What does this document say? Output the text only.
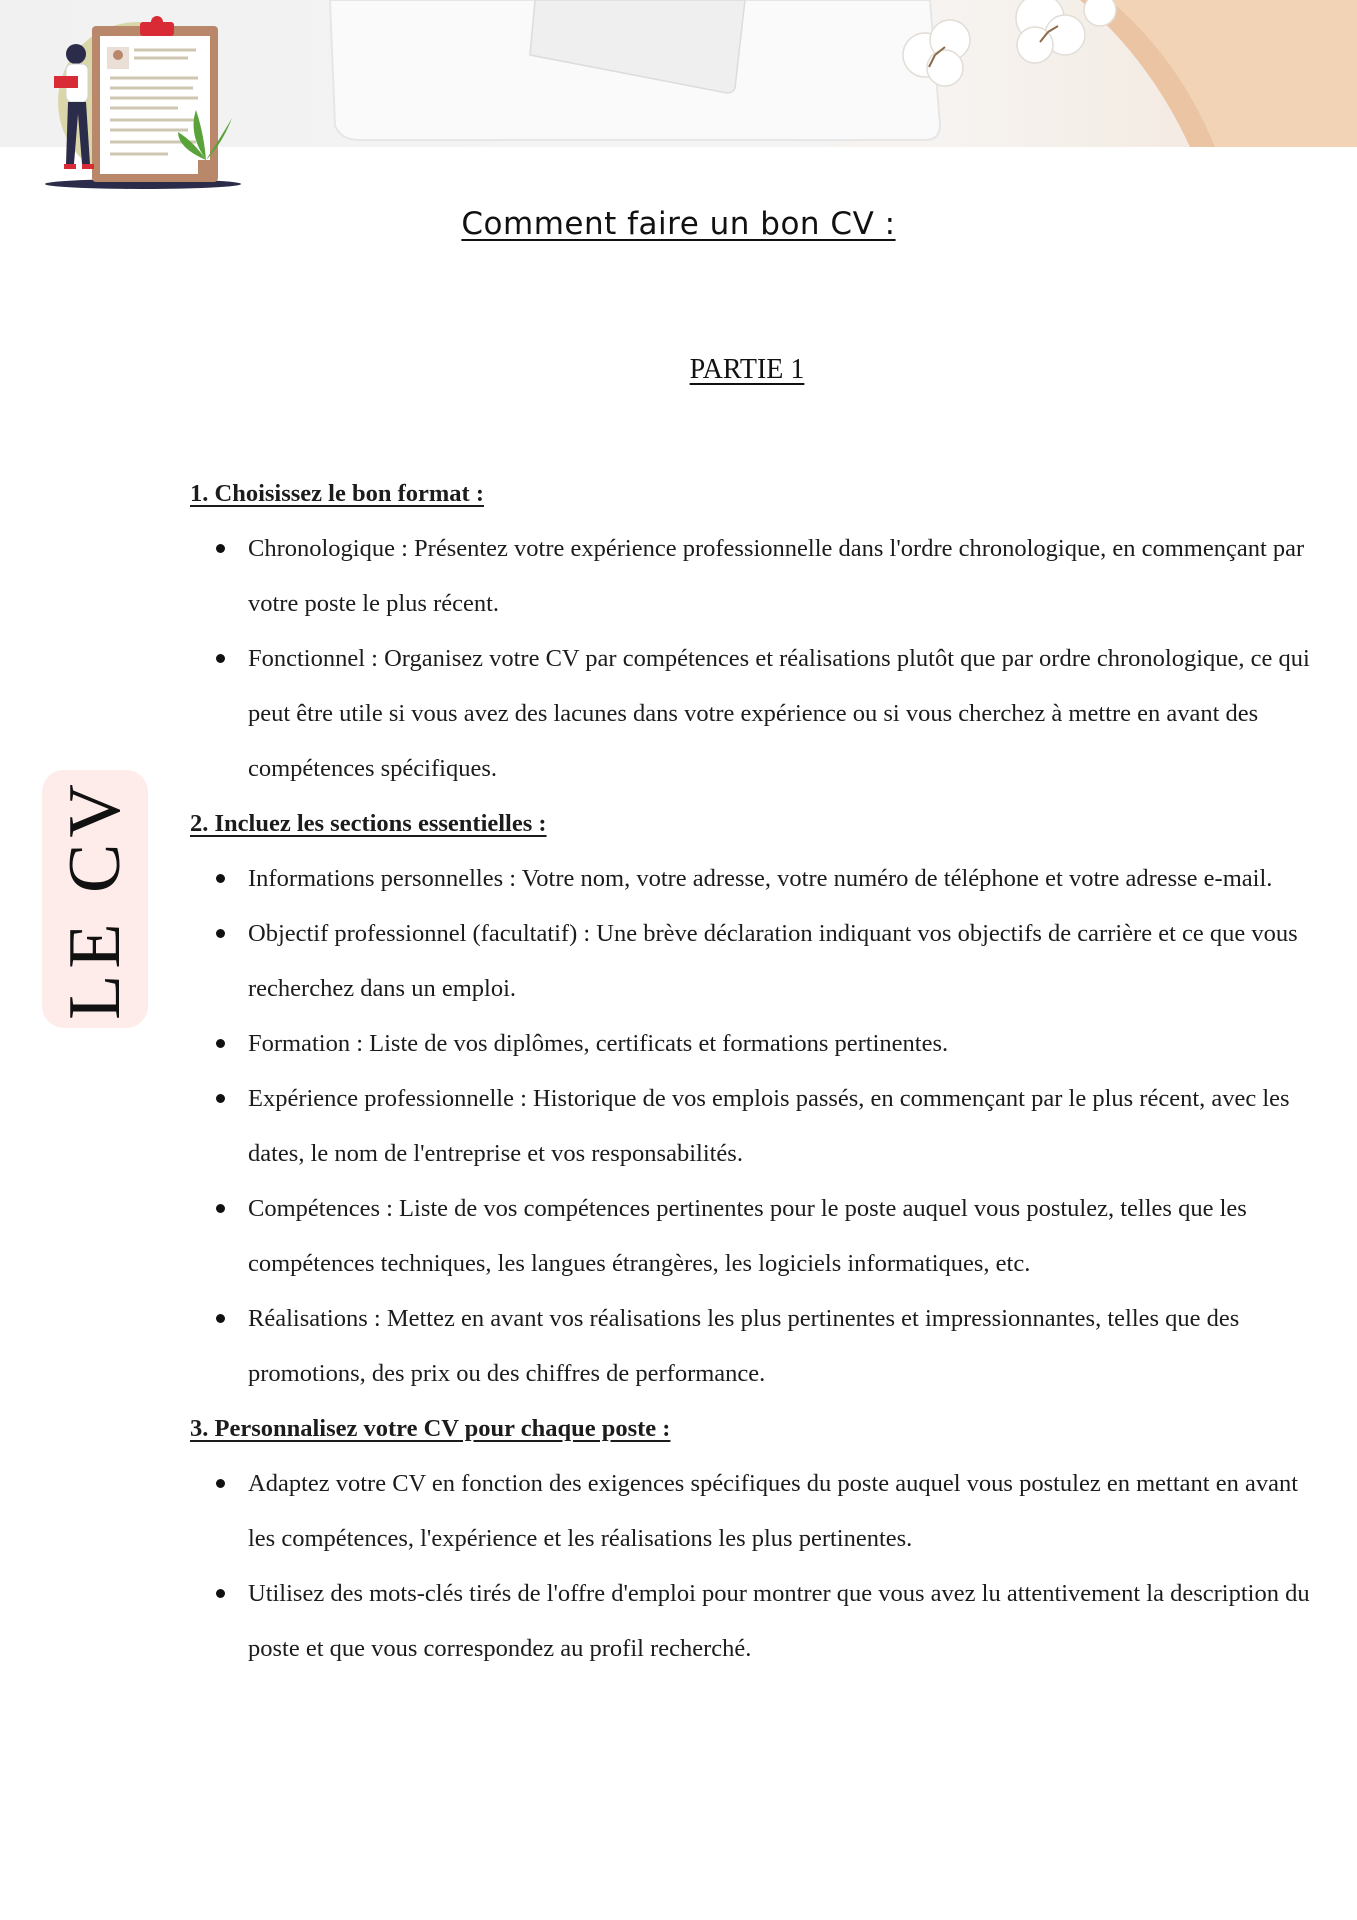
Comment faire un bon CV :
PARTIE 1
LE CV

1. Choisissez le bon format :

Chronologique : Présentez votre expérience professionnelle dans l'ordre chronologique, en commençant par votre poste le plus récent.
Fonctionnel : Organisez votre CV par compétences et réalisations plutôt que par ordre chronologique, ce qui peut être utile si vous avez des lacunes dans votre expérience ou si vous cherchez à mettre en avant des compétences spécifiques.

2. Incluez les sections essentielles :

Informations personnelles : Votre nom, votre adresse, votre numéro de téléphone et votre adresse e-mail.
Objectif professionnel (facultatif) : Une brève déclaration indiquant vos objectifs de carrière et ce que vous recherchez dans un emploi.
Formation : Liste de vos diplômes, certificats et formations pertinentes.
Expérience professionnelle : Historique de vos emplois passés, en commençant par le plus récent, avec les dates, le nom de l'entreprise et vos responsabilités.
Compétences : Liste de vos compétences pertinentes pour le poste auquel vous postulez, telles que les compétences techniques, les langues étrangères, les logiciels informatiques, etc.
Réalisations : Mettez en avant vos réalisations les plus pertinentes et impressionnantes, telles que des promotions, des prix ou des chiffres de performance.

3. Personnalisez votre CV pour chaque poste :

Adaptez votre CV en fonction des exigences spécifiques du poste auquel vous postulez en mettant en avant les compétences, l'expérience et les réalisations les plus pertinentes.
Utilisez des mots-clés tirés de l'offre d'emploi pour montrer que vous avez lu attentivement la description du poste et que vous correspondez au profil recherché.
